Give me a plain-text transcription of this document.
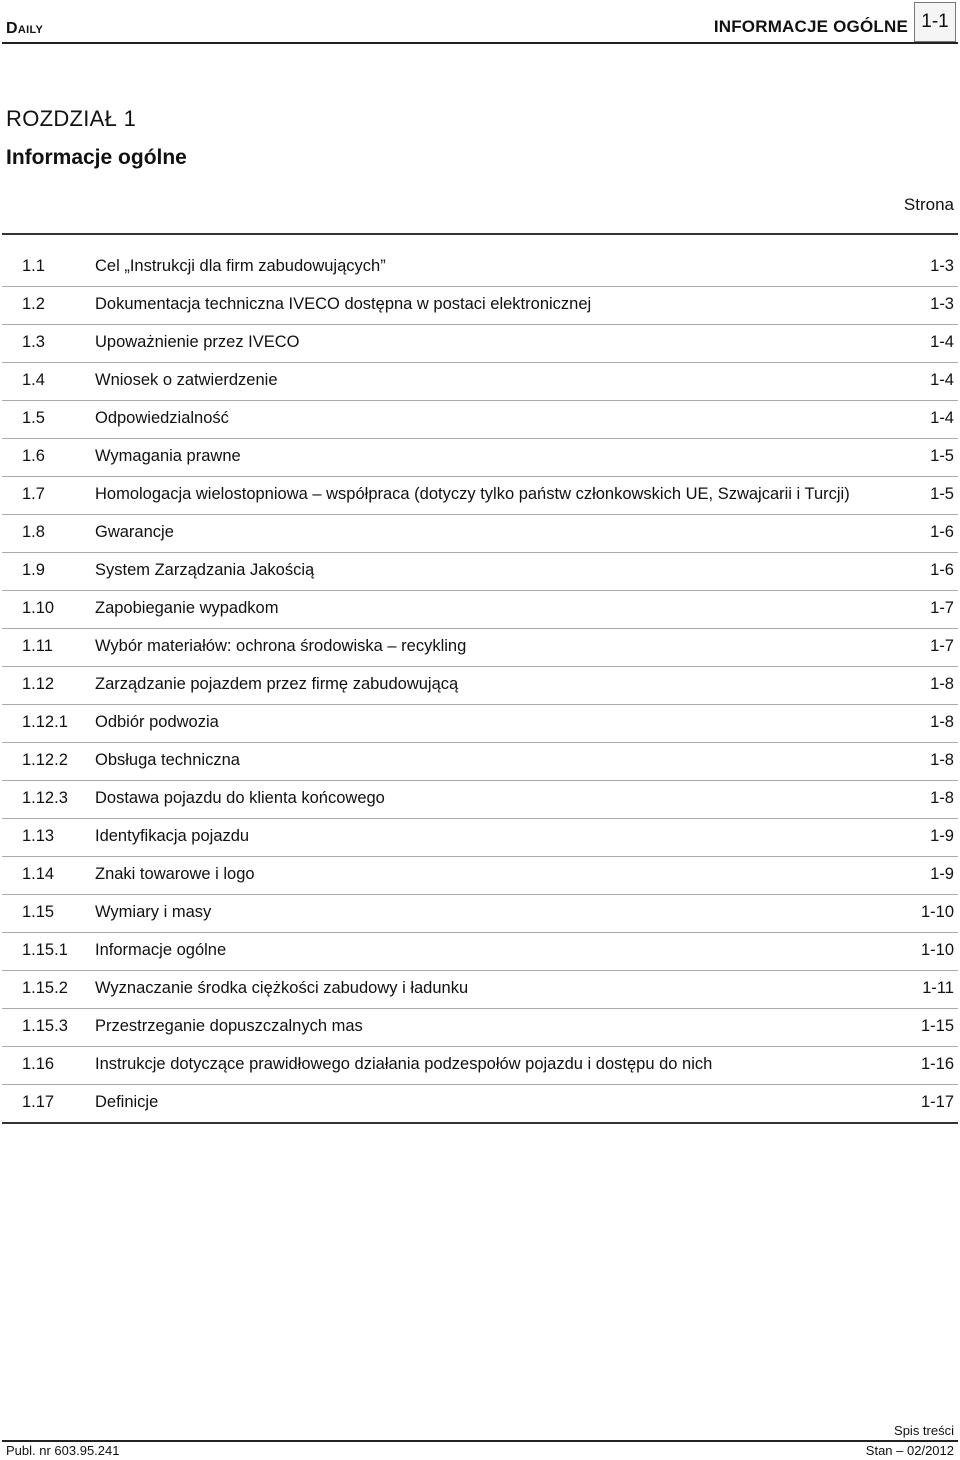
Daily	INFORMACJE OGÓLNE 1-1
ROZDZIAŁ 1
Informacje ogólne
Strona
1.1	Cel „Instrukcji dla firm zabudowujących”	1-3
1.2	Dokumentacja techniczna IVECO dostępna w postaci elektronicznej	1-3
1.3	Upoważnienie przez IVECO	1-4
1.4	Wniosek o zatwierdzenie	1-4
1.5	Odpowiedzialność	1-4
1.6	Wymagania prawne	1-5
1.7	Homologacja wielostopniowa – współpraca (dotyczy tylko państw członkowskich UE, Szwajcarii i Turcji)	1-5
1.8	Gwarancje	1-6
1.9	System Zarządzania Jakością	1-6
1.10 Zapobieganie wypadkom	1-7
1.11	Wybór materiałów: ochrona środowiska – recykling	1-7
1.12 Zarządzanie pojazdem przez firmę zabudowującą	1-8
1.12.1 Odbiór podwozia	1-8
1.12.2 Obsługa techniczna	1-8
1.12.3 Dostawa pojazdu do klienta końcowego	1-8
1.13 Identyfikacja pojazdu	1-9
1.14 Znaki towarowe i logo	1-9
1.15 Wymiary i masy	1-10
1.15.1 Informacje ogólne	1-10
1.15.2 Wyznaczanie środka ciężkości zabudowy i ładunku	1-11
1.15.3 Przestrzeganie dopuszczalnych mas	1-15
1.16 Instrukcje dotyczące prawidłowego działania podzespołów pojazdu i dostępu do nich	1-16
1.17 Definicje	1-17
Spis treści
Publ. nr 603.95.241	Stan – 02/2012
